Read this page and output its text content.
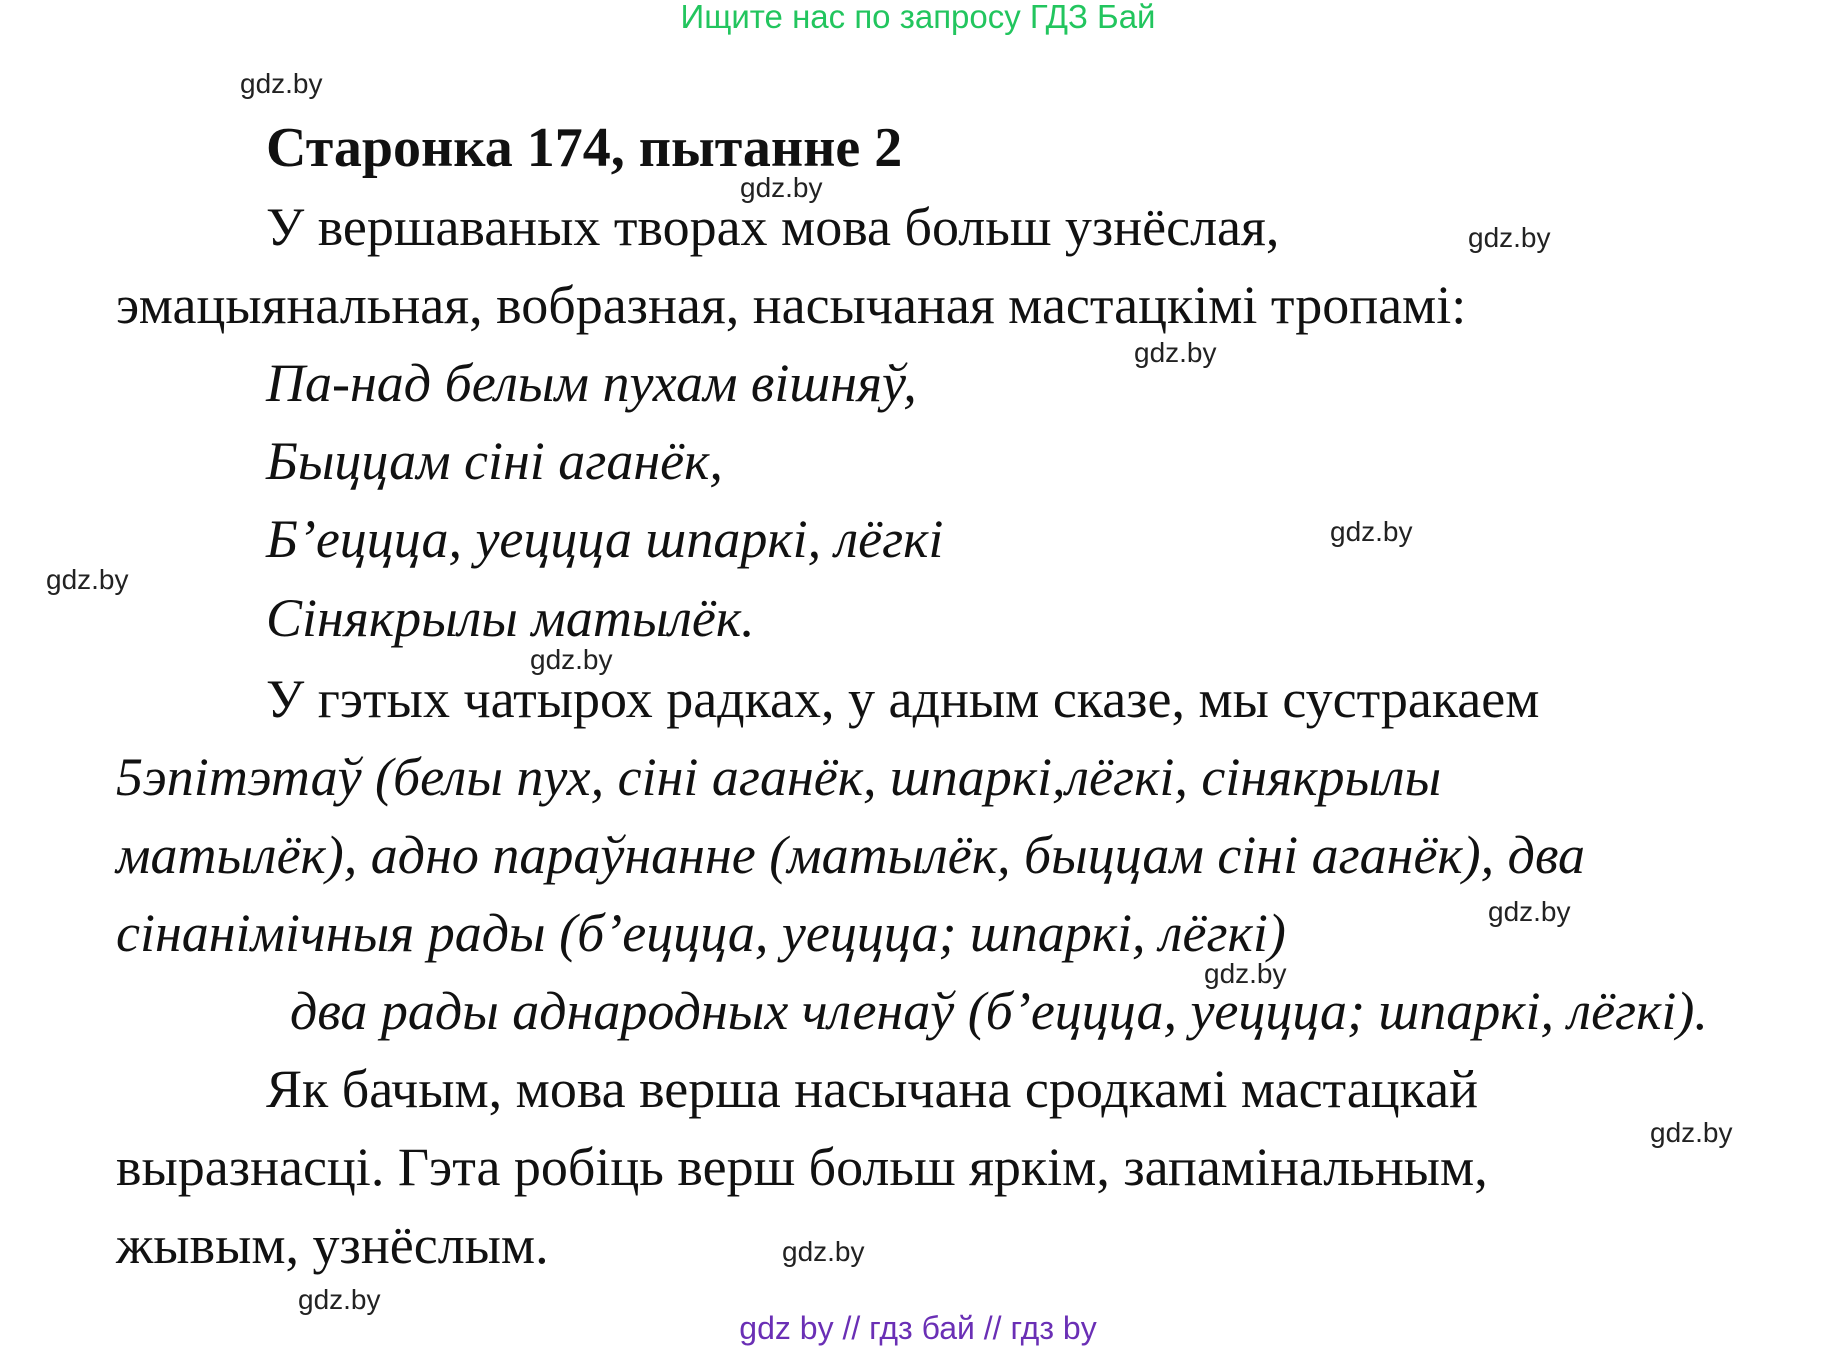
Ищите нас по запросу ГДЗ Бай
gdz.by
gdz.by
gdz.by
gdz.by
gdz.by
gdz.by
gdz.by
gdz.by
gdz.by
gdz.by
gdz.by
gdz.by
Старонка 174, пытанне 2
У вершаваных творах мова больш узнёслая,
эмацыянальная, вобразная, насычаная мастацкімі тропамі:
Па-над белым пухам вішняў,
Быццам сіні аганёк,
Б’еццца, уеццца шпаркі, лёгкі
Сінякрылы матылёк.
У гэтых чатырох радках, у адным сказе, мы сустракаем
5эпітэтаў (белы пух, сіні аганёк, шпаркі,лёгкі, сінякрылы
матылёк), адно параўнанне (матылёк, быццам сіні аганёк), два
сінанімічныя рады (б’еццца, уеццца; шпаркі, лёгкі)
два рады аднародных членаў (б’еццца, уеццца; шпаркі, лёгкі).
Як бачым, мова верша насычана сродкамі мастацкай
выразнасці. Гэта робіць верш больш яркім, запамінальным,
жывым, узнёслым.
gdz by // гдз бай // гдз by
